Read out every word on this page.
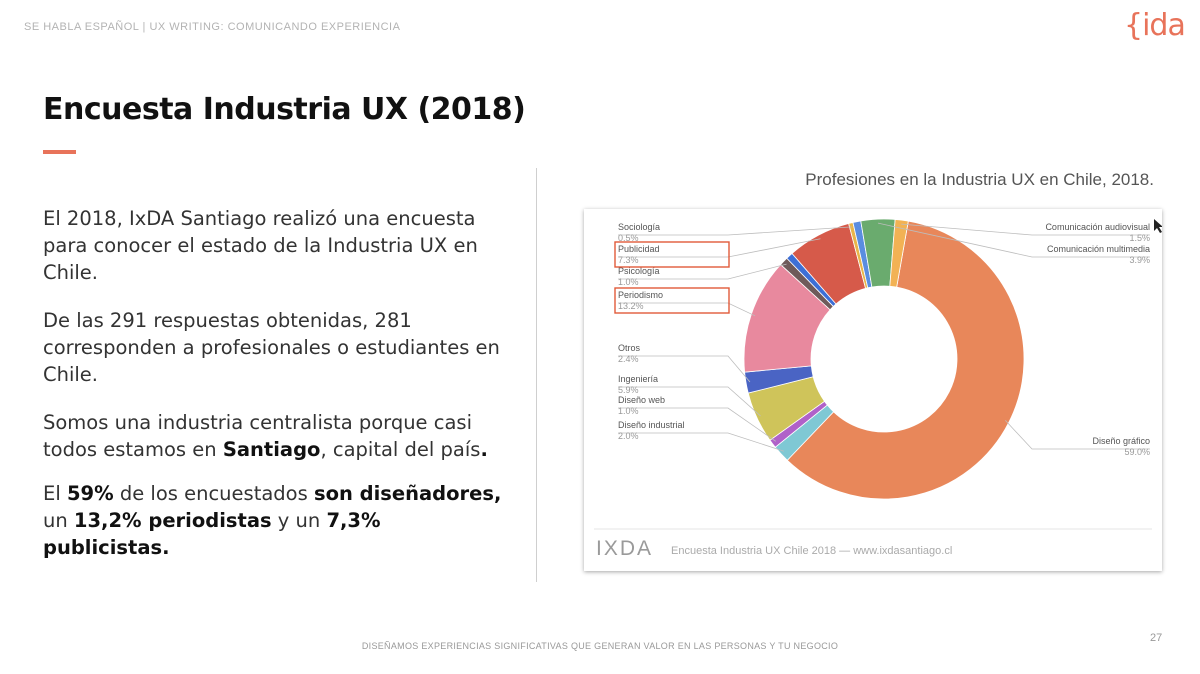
SE HABLA ESPAÑOL | UX WRITING: COMUNICANDO EXPERIENCIA	{ida
Encuesta Industria UX (2018)
El 2018, IxDA Santiago realizó una encuesta para conocer el estado de la Industria UX en Chile.
De las 291 respuestas obtenidas, 281 corresponden a profesionales o estudiantes en Chile.
Somos una industria centralista porque casi todos estamos en Santiago, capital del país.
El 59% de los encuestados son diseñadores, un 13,2% periodistas y un 7,3% publicistas.
Profesiones en la Industria UX en Chile, 2018.
Diseño gráfico
59.0%
Diseño industrial
2.0%
Diseño web
1.0%
Ingeniería
5.9%
Otros
2.4%
Periodismo
13.2%
Psicología
1.0%
Publicidad
7.3%
Sociología
0.5%
Comunicación multimedia
3.9%
Comunicación audiovisual
1.5%
IXDA Encuesta Industria UX Chile 2018 — www.ixdasantiago.cl
DISEÑAMOS EXPERIENCIAS SIGNIFICATIVAS QUE GENERAN VALOR EN LAS PERSONAS Y TU NEGOCIO
27
